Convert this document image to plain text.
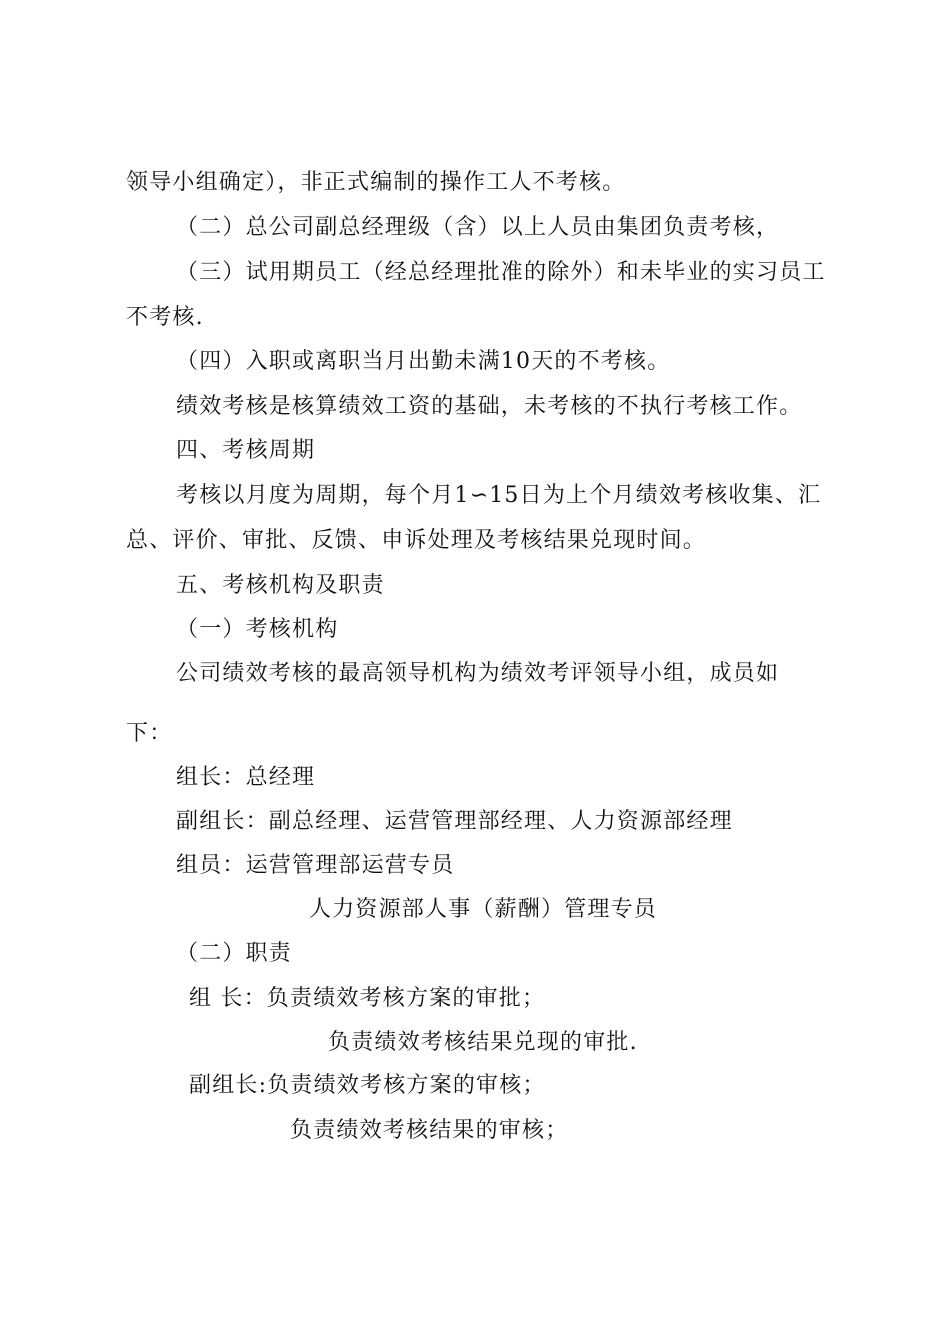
领导小组确定），非正式编制的操作工人不考核。
（二）总公司副总经理级（含）以上人员由集团负责考核，
（三）试用期员工（经总经理批准的除外）和未毕业的实习员工
不考核.
（四）入职或离职当月出勤未满10天的不考核。
绩效考核是核算绩效工资的基础，未考核的不执行考核工作。
四、考核周期
考核以月度为周期，每个月1∽15日为上个月绩效考核收集、汇
总、评价、审批、反馈、申诉处理及考核结果兑现时间。
五、考核机构及职责
（一）考核机构
公司绩效考核的最高领导机构为绩效考评领导小组，成员如
下：
组长：总经理
副组长：副总经理、运营管理部经理、人力资源部经理
组员：运营管理部运营专员
人力资源部人事（薪酬）管理专员
（二）职责
组 长：负责绩效考核方案的审批；
负责绩效考核结果兑现的审批.
副组长:负责绩效考核方案的审核；
负责绩效考核结果的审核；
